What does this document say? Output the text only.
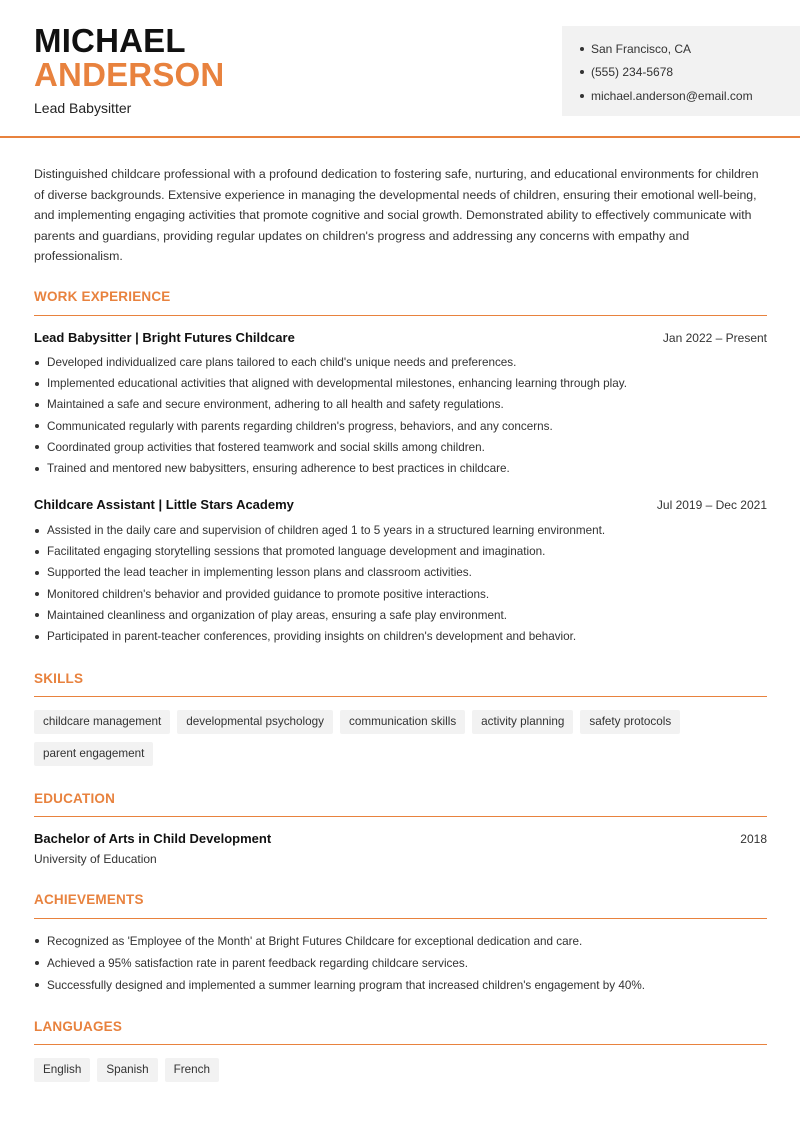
MICHAEL
ANDERSON
Lead Babysitter
San Francisco, CA
(555) 234-5678
michael.anderson@email.com

Distinguished childcare professional with a profound dedication to fostering safe, nurturing, and educational environments for children of diverse backgrounds. Extensive experience in managing the developmental needs of children, ensuring their emotional well-being, and implementing engaging activities that promote cognitive and social growth. Demonstrated ability to effectively communicate with parents and guardians, providing regular updates on children's progress and addressing any concerns with empathy and professionalism.

WORK EXPERIENCE
Lead Babysitter | Bright Futures Childcare	Jan 2022 – Present
Developed individualized care plans tailored to each child's unique needs and preferences.
Implemented educational activities that aligned with developmental milestones, enhancing learning through play.
Maintained a safe and secure environment, adhering to all health and safety regulations.
Communicated regularly with parents regarding children's progress, behaviors, and any concerns.
Coordinated group activities that fostered teamwork and social skills among children.
Trained and mentored new babysitters, ensuring adherence to best practices in childcare.
Childcare Assistant | Little Stars Academy	Jul 2019 – Dec 2021
Assisted in the daily care and supervision of children aged 1 to 5 years in a structured learning environment.
Facilitated engaging storytelling sessions that promoted language development and imagination.
Supported the lead teacher in implementing lesson plans and classroom activities.
Monitored children's behavior and provided guidance to promote positive interactions.
Maintained cleanliness and organization of play areas, ensuring a safe play environment.
Participated in parent-teacher conferences, providing insights on children's development and behavior.
SKILLS
childcare management	developmental psychology	communication skills	activity planning	safety protocols
parent engagement
EDUCATION
Bachelor of Arts in Child Development	2018
University of Education
ACHIEVEMENTS
Recognized as 'Employee of the Month' at Bright Futures Childcare for exceptional dedication and care.
Achieved a 95% satisfaction rate in parent feedback regarding childcare services.
Successfully designed and implemented a summer learning program that increased children's engagement by 40%.
LANGUAGES
English	Spanish	French
